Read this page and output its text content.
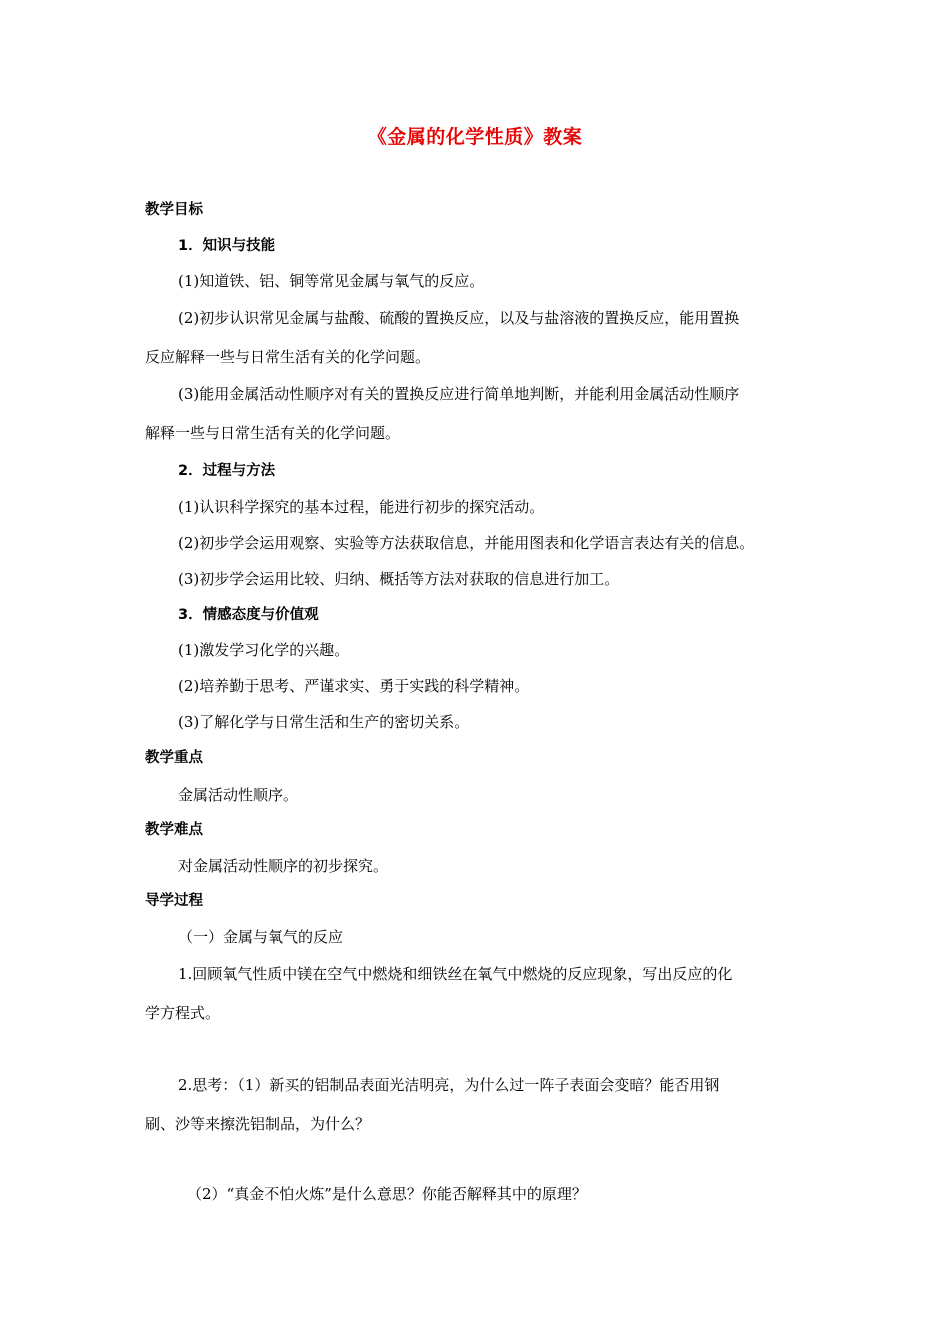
《金属的化学性质》教案
教学目标
1．知识与技能
(1)知道铁、铝、铜等常见金属与氧气的反应。
(2)初步认识常见金属与盐酸、硫酸的置换反应，以及与盐溶液的置换反应，能用置换
反应解释一些与日常生活有关的化学问题。
(3)能用金属活动性顺序对有关的置换反应进行简单地判断，并能利用金属活动性顺序
解释一些与日常生活有关的化学问题。
2．过程与方法
(1)认识科学探究的基本过程，能进行初步的探究活动。
(2)初步学会运用观察、实验等方法获取信息，并能用图表和化学语言表达有关的信息。
(3)初步学会运用比较、归纳、概括等方法对获取的信息进行加工。
3．情感态度与价值观
(1)激发学习化学的兴趣。
(2)培养勤于思考、严谨求实、勇于实践的科学精神。
(3)了解化学与日常生活和生产的密切关系。
教学重点
金属活动性顺序。
教学难点
对金属活动性顺序的初步探究。
导学过程
（一）金属与氧气的反应
1.回顾氧气性质中镁在空气中燃烧和细铁丝在氧气中燃烧的反应现象，写出反应的化
学方程式。
2.思考：（1）新买的铝制品表面光洁明亮，为什么过一阵子表面会变暗？能否用钢
刷、沙等来擦洗铝制品，为什么？
（2）“真金不怕火炼”是什么意思？你能否解释其中的原理？
